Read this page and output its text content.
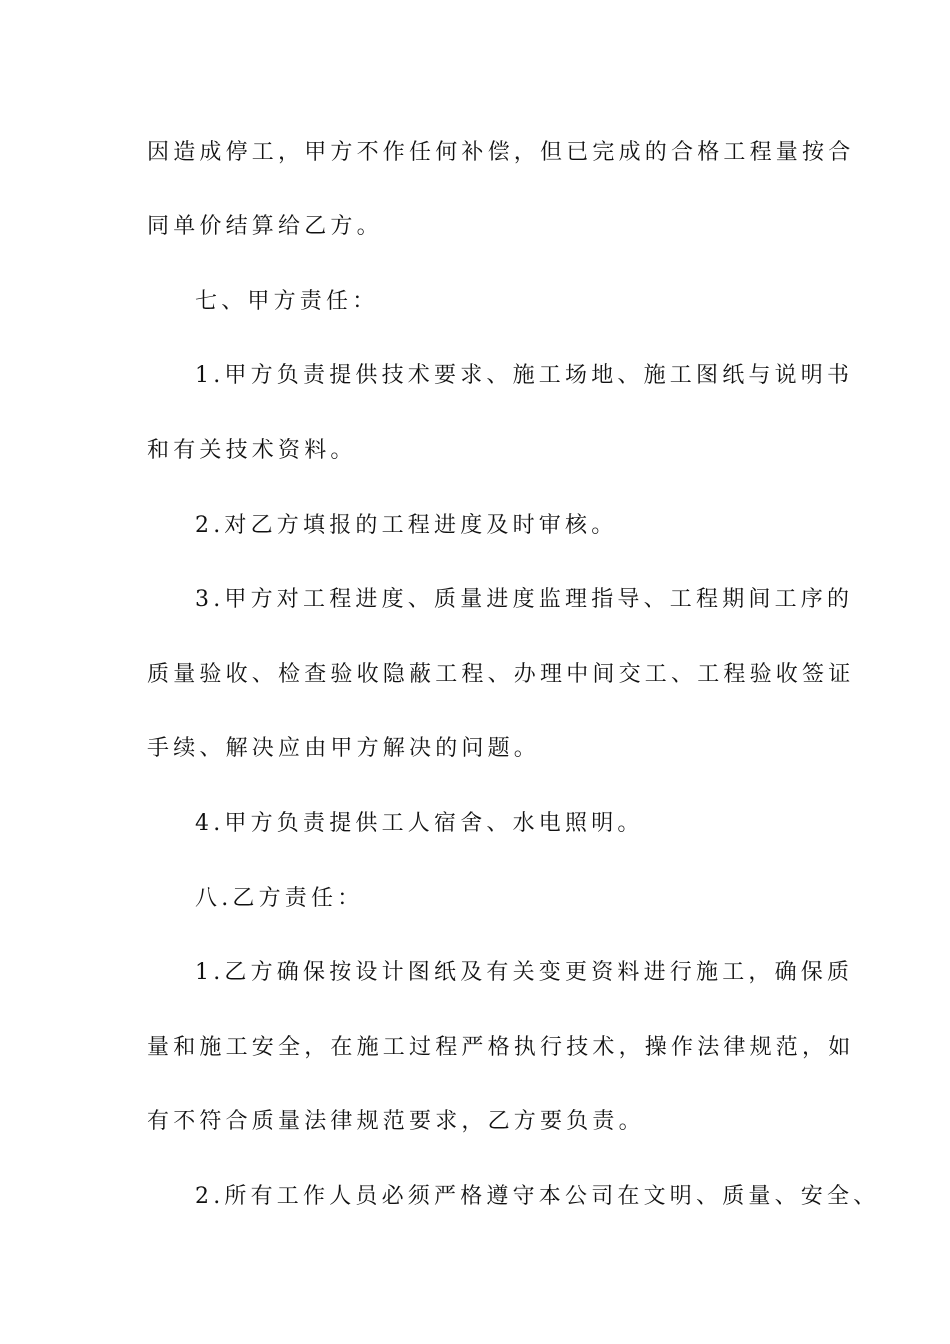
因造成停工，甲方不作任何补偿，但已完成的合格工程量按合
同单价结算给乙方。
七、甲方责任：
1.甲方负责提供技术要求、施工场地、施工图纸与说明书
和有关技术资料。
2.对乙方填报的工程进度及时审核。
3.甲方对工程进度、质量进度监理指导、工程期间工序的
质量验收、检查验收隐蔽工程、办理中间交工、工程验收签证
手续、解决应由甲方解决的问题。
4.甲方负责提供工人宿舍、水电照明。
八.乙方责任：
1.乙方确保按设计图纸及有关变更资料进行施工，确保质
量和施工安全，在施工过程严格执行技术，操作法律规范，如
有不符合质量法律规范要求，乙方要负责。
2.所有工作人员必须严格遵守本公司在文明、质量、安全、
